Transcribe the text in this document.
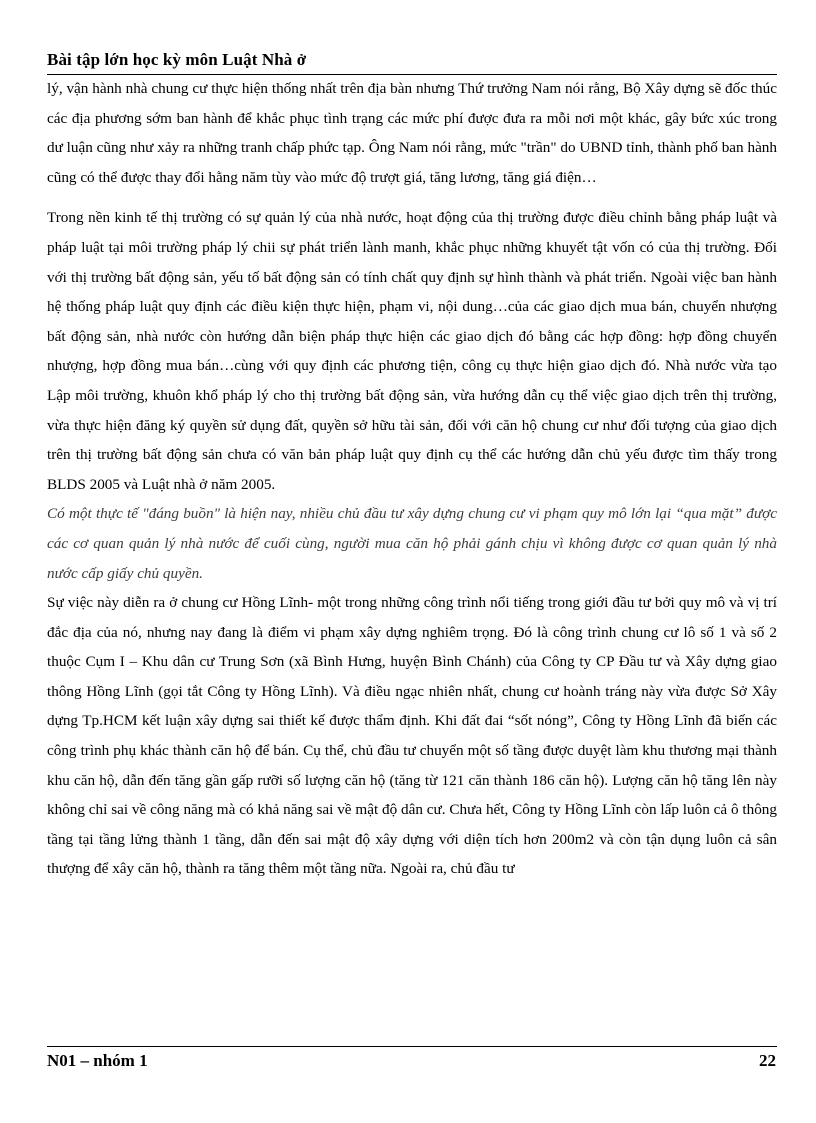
Bài tập lớn học kỳ môn Luật Nhà ở

lý, vận hành nhà chung cư thực hiện thống nhất trên địa bàn nhưng Thứ trưởng Nam nói rằng, Bộ Xây dựng sẽ đốc thúc các địa phương sớm ban hành để khắc phục tình trạng các mức phí được đưa ra mỗi nơi một khác, gây bức xúc trong dư luận cũng như xảy ra những tranh chấp phức tạp. Ông Nam nói rằng, mức "trần" do UBND tỉnh, thành phố ban hành cũng có thể được thay đổi hằng năm tùy vào mức độ trượt giá, tăng lương, tăng giá điện…

Trong nền kinh tế thị trường có sự quản lý của nhà nước, hoạt động của thị trường được điều chỉnh bằng pháp luật và pháp luật tại môi trường pháp lý chii sự phát triển lành manh, khắc phục những khuyết tật vốn có của thị trường. Đối với thị trường bất động sản, yếu tố bất động sản có tính chất quy định sự hình thành và phát triển. Ngoài việc ban hành hệ thống pháp luật quy định các điều kiện thực hiện, phạm vi, nội dung…của các giao dịch mua bán, chuyển nhượng bất động sản, nhà nước còn hướng dẫn biện pháp thực hiện các giao dịch đó bằng các hợp đồng: hợp đồng chuyển nhượng, hợp đồng mua bán…cùng với quy định các phương tiện, công cụ thực hiện giao dịch đó. Nhà nước vừa tạo Lập môi trường, khuôn khổ pháp lý cho thị trường bất động sản, vừa hướng dẫn cụ thể việc giao dịch trên thị trường, vừa thực hiện đăng ký quyền sử dụng đất, quyền sở hữu tài sản, đối với căn hộ chung cư như đối tượng của giao dịch trên thị trường bất động sản chưa có văn bản pháp luật quy định cụ thể các hướng dẫn chủ yếu được tìm thấy trong BLDS 2005 và Luật nhà ở năm 2005.

Có một thực tế "đáng buồn" là hiện nay, nhiều chủ đầu tư xây dựng chung cư vi phạm quy mô lớn lại “qua mặt” được các cơ quan quản lý nhà nước để cuối cùng, người mua căn hộ phải gánh chịu vì không được cơ quan quản lý nhà nước cấp giấy chủ quyền.

Sự việc này diễn ra ở chung cư Hồng Lĩnh- một trong những công trình nổi tiếng trong giới đầu tư bởi quy mô và vị trí đắc địa của nó, nhưng nay đang là điểm vi phạm xây dựng nghiêm trọng. Đó là công trình chung cư lô số 1 và số 2 thuộc Cụm I – Khu dân cư Trung Sơn (xã Bình Hưng, huyện Bình Chánh) của Công ty CP Đầu tư và Xây dựng giao thông Hồng Lĩnh (gọi tắt Công ty Hồng Lĩnh). Và điều ngạc nhiên nhất, chung cư hoành tráng này vừa được Sở Xây dựng Tp.HCM kết luận xây dựng sai thiết kế được thẩm định. Khi đất đai “sốt nóng”, Công ty Hồng Lĩnh đã biến các công trình phụ khác thành căn hộ để bán. Cụ thể, chủ đầu tư chuyển một số tầng được duyệt làm khu thương mại thành khu căn hộ, dẫn đến tăng gần gấp rưỡi số lượng căn hộ (tăng từ 121 căn thành 186 căn hộ). Lượng căn hộ tăng lên này không chỉ sai về công năng mà có khả năng sai về mật độ dân cư. Chưa hết, Công ty Hồng Lĩnh còn lấp luôn cả ô thông tầng tại tầng lửng thành 1 tầng, dẫn đến sai mật độ xây dựng với diện tích hơn 200m2 và còn tận dụng luôn cả sân thượng để xây căn hộ, thành ra tăng thêm một tầng nữa. Ngoài ra, chủ đầu tư

N01 – nhóm 1	22
